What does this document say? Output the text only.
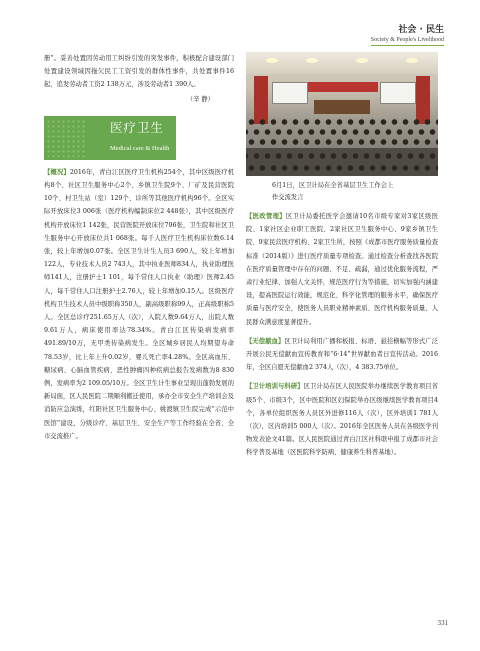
社会 · 民生
Society & People's Livelihood

册”。妥善处置因劳动用工纠纷引发的突发事件，积极配合建设部门处置建设领域因拖欠民工工资引发的群体性事件，共处置事件16起，追发劳动者工资2 138万元，涉及劳动者1 390人。

（辛 静）
医疗卫生
Medical care & Health

【概况】2016年，青白江区医疗卫生机构254个，其中区级医疗机构8个、社区卫生服务中心2个、乡镇卫生院9个、厂矿及民营医院10个、村卫生站（室）129个、诊所等其他医疗机构96个。全区实际开放床位3 006张（医疗机构编制床位2 448张），其中区级医疗机构开放床位1 142张，民营医院开放床位796张，卫生院和社区卫生服务中心开放床位共1 068张。每千人医疗卫生机构床位数6.14张，较上年增加0.07张。全区卫生计生人员3 690人，较上年增加122人，专业技术人员2 743人，其中执业医师834人，执业助理医师141人，注册护士1 101，每千常住人口执业（助理）医师2.45人，每千常住人口注册护士2.76人，较上年增加0.15人。区级医疗机构卫生技术人员中级职称350人，副高级职称99人，正高级职称5人。全区总诊疗251.65万人（次），入院人数9.64万人，出院人数9.61万人，病床使用率达78.34%。青白江区传染病发病率491.89/10万，无甲类传染病发生。全区城乡居民人均期望寿命78.53岁，比上年上升0.02岁，婴儿死亡率4.28%。全区高血压、糖尿病、心脑血管疾病、恶性肿瘤四种疾病总报告发病数为8 830例，发病率为2 109.05/10万。全区卫生计生事业呈现出蓬勃发展的新局面，区人民医院二期顺利搬迁使用，承办全市安全生产培训会及消防应急演练，红阳社区卫生服务中心、姚渡镇卫生院完成“示范中医馆”建设，分级诊疗、基层卫生、安全生产等工作经验在全省、全市交流推广。

6月1日，区卫计局在全省基层卫生工作会上
作交流发言

【医政管理】区卫计局委托医学会邀请10名市级专家对3家区级医院、1家社区企业职工医院、2家社区卫生服务中心、9家乡镇卫生院、9家民营医疗机构、2家卫生所，按照《成都市医疗服务质量检查标准（2014版）》进行医疗质量专项检查。通过检查分析查找各医院在医疗质量管理中存在的问题、不足、疏漏，通过优化服务流程，严肃行业纪律、加强人文关怀，规范医疗行为等措施，切实加强内涵建设，提高医院运行效能，规范化、科学化管理的服务水平，确保医疗质量与医疗安全，使医务人员职业精神素质、医疗机构服务质量、人民群众满意度显著提升。

【无偿献血】区卫计局利用广播和板报、标语、悬挂横幅等形式广泛开展公民无偿献血宣传教育和“6·14”世界献血者日宣传活动。2016年，全区自愿无偿献血2 374人（次），4 383.75单位。

【卫计培训与科研】区卫计局在区人民医院举办继续医学教育项目省级5个、市级3个，区中医院和区妇保院举办区级继续医学教育项目4个，各单位组织医务人员区外进修116人（次），区外培训1 781人（次），区内培训5 000人（次）。2016年全区医务人员在各级医学刊物发表论文41篇。区人民医院通过青白江区社科联申报了成都市社会科学普及基地（区医院科学防病、健康养生科普基地）。

331
